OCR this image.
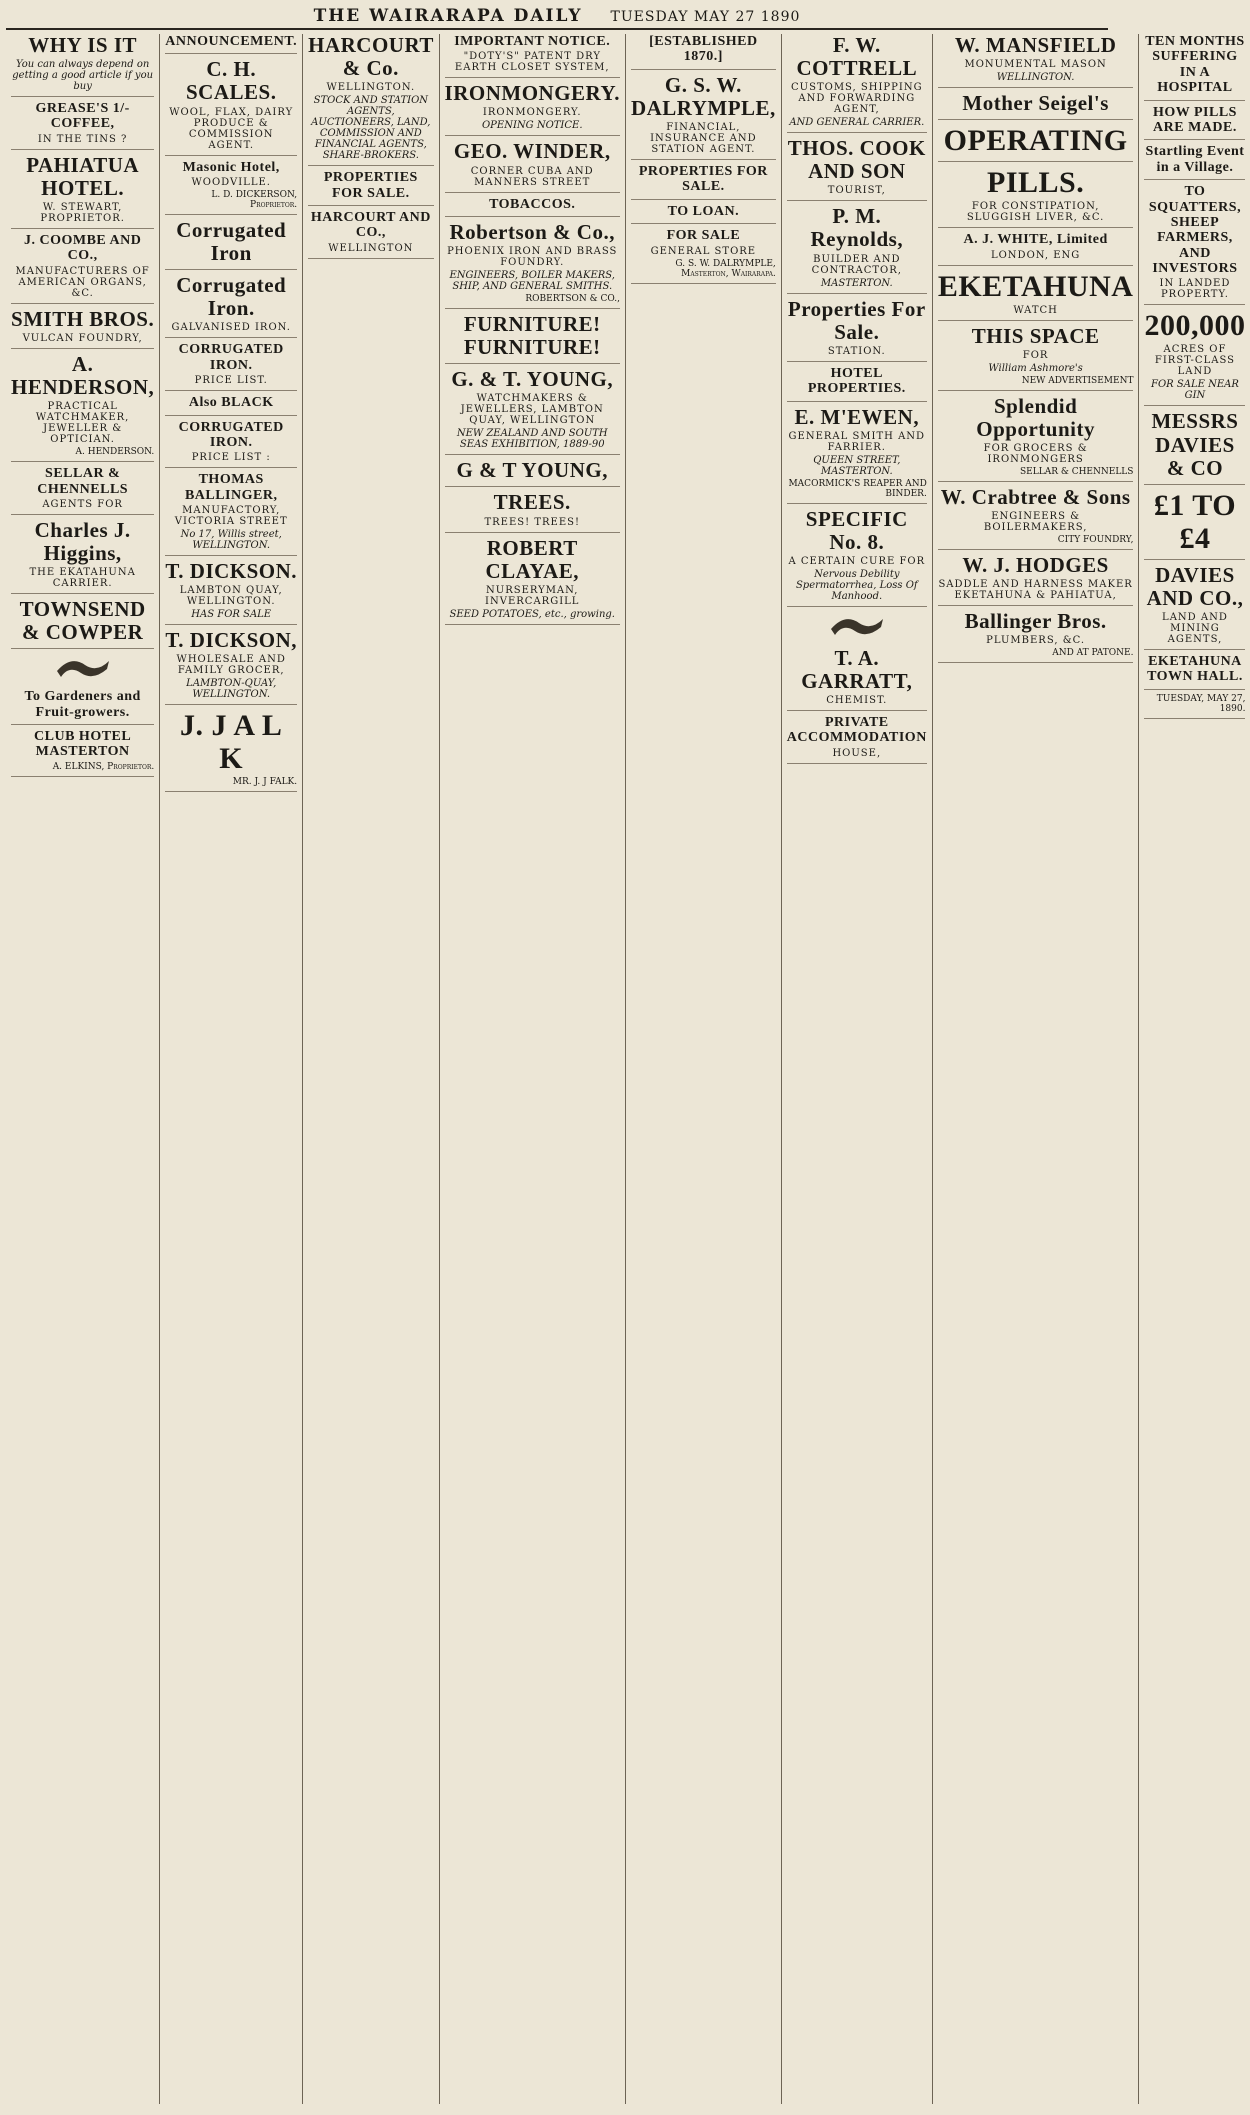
THE WAIRARAPA DAILY TUESDAY MAY 27 1890
WHY IS IT
You can always depend on getting a good article if you buy
GREASE'S 1/- COFFEE,
IN THE TINS ?
PAHIATUA HOTEL.
W. STEWART, PROPRIETOR.
J. COOMBE AND CO.,
MANUFACTURERS OF AMERICAN ORGANS, &C.
SMITH BROS.
VULCAN FOUNDRY,
A. HENDERSON,
PRACTICAL WATCHMAKER, JEWELLER & OPTICIAN.
A. HENDERSON.
SELLAR & CHENNELLS
AGENTS FOR
Charles J. Higgins,
THE EKATAHUNA CARRIER.
TOWNSEND & COWPER
To Gardeners and Fruit-growers.
CLUB HOTEL MASTERTON
A. ELKINS, Proprietor.
ANNOUNCEMENT.
C. H. SCALES.
WOOL, FLAX, DAIRY PRODUCE & COMMISSION AGENT.
Masonic Hotel,
WOODVILLE.
L. D. DICKERSON, Proprietor.
Corrugated Iron
Corrugated Iron.
GALVANISED IRON.
CORRUGATED IRON.
PRICE LIST.
Also BLACK
CORRUGATED IRON.
PRICE LIST :
THOMAS BALLINGER,
MANUFACTORY, VICTORIA STREET
No 17, Willis street, WELLINGTON.
T. DICKSON.
LAMBTON QUAY, WELLINGTON.
HAS FOR SALE
T. DICKSON,
WHOLESALE AND FAMILY GROCER,
LAMBTON-QUAY, WELLINGTON.
J. J A L K
MR. J. J FALK.
HARCOURT & Co.
WELLINGTON.
STOCK AND STATION AGENTS, AUCTIONEERS, LAND, COMMISSION AND FINANCIAL AGENTS, SHARE-BROKERS.
PROPERTIES FOR SALE.
HARCOURT AND CO.,
WELLINGTON
IMPORTANT NOTICE.
"DOTY'S" PATENT DRY EARTH CLOSET SYSTEM,
IRONMONGERY.
IRONMONGERY.
OPENING NOTICE.
GEO. WINDER,
CORNER CUBA AND MANNERS STREET
TOBACCOS.
Robertson & Co.,
PHOENIX IRON AND BRASS FOUNDRY.
ENGINEERS, BOILER MAKERS, SHIP, AND GENERAL SMITHS.
ROBERTSON & CO.,
FURNITURE! FURNITURE!
G. & T. YOUNG,
WATCHMAKERS & JEWELLERS, LAMBTON QUAY, WELLINGTON
NEW ZEALAND AND SOUTH SEAS EXHIBITION, 1889-90
G & T YOUNG,
TREES.
TREES! TREES!
ROBERT CLAYAE,
NURSERYMAN, INVERCARGILL
SEED POTATOES, etc., growing.
[ESTABLISHED 1870.]
G. S. W. DALRYMPLE,
FINANCIAL, INSURANCE AND STATION AGENT.
PROPERTIES FOR SALE.
TO LOAN.
FOR SALE
GENERAL STORE
G. S. W. DALRYMPLE, Masterton, Wairarapa.
F. W. COTTRELL
CUSTOMS, SHIPPING AND FORWARDING AGENT,
AND GENERAL CARRIER.
THOS. COOK AND SON
TOURIST,
P. M. Reynolds,
BUILDER AND CONTRACTOR,
MASTERTON.
Properties For Sale.
STATION.
HOTEL PROPERTIES.
E. M'EWEN,
GENERAL SMITH AND FARRIER.
QUEEN STREET, MASTERTON.
MACORMICK'S REAPER AND BINDER.
SPECIFIC No. 8.
A CERTAIN CURE FOR
Nervous Debility Spermatorrhea, Loss Of Manhood.
T. A. GARRATT,
CHEMIST.
PRIVATE ACCOMMODATION
HOUSE,
W. MANSFIELD
MONUMENTAL MASON
WELLINGTON.
Mother Seigel's
OPERATING
PILLS.
FOR CONSTIPATION, SLUGGISH LIVER, &C.
A. J. WHITE, Limited
LONDON, ENG
EKETAHUNA
WATCH
THIS SPACE
FOR
William Ashmore's
NEW ADVERTISEMENT
Splendid Opportunity
FOR GROCERS & IRONMONGERS
SELLAR & CHENNELLS
W. Crabtree & Sons
ENGINEERS & BOILERMAKERS,
CITY FOUNDRY,
W. J. HODGES
SADDLE AND HARNESS MAKER EKETAHUNA & PAHIATUA,
Ballinger Bros.
PLUMBERS, &C.
AND AT PATONE.
TEN MONTHS SUFFERING IN A HOSPITAL
HOW PILLS ARE MADE.
Startling Event in a Village.
TO SQUATTERS, SHEEP FARMERS, AND INVESTORS
IN LANDED PROPERTY.
200,000
ACRES OF FIRST-CLASS LAND
FOR SALE NEAR GIN
MESSRS DAVIES & CO
£1 TO £4
DAVIES AND CO.,
LAND AND MINING AGENTS,
EKETAHUNA TOWN HALL.
TUESDAY, MAY 27, 1890.
